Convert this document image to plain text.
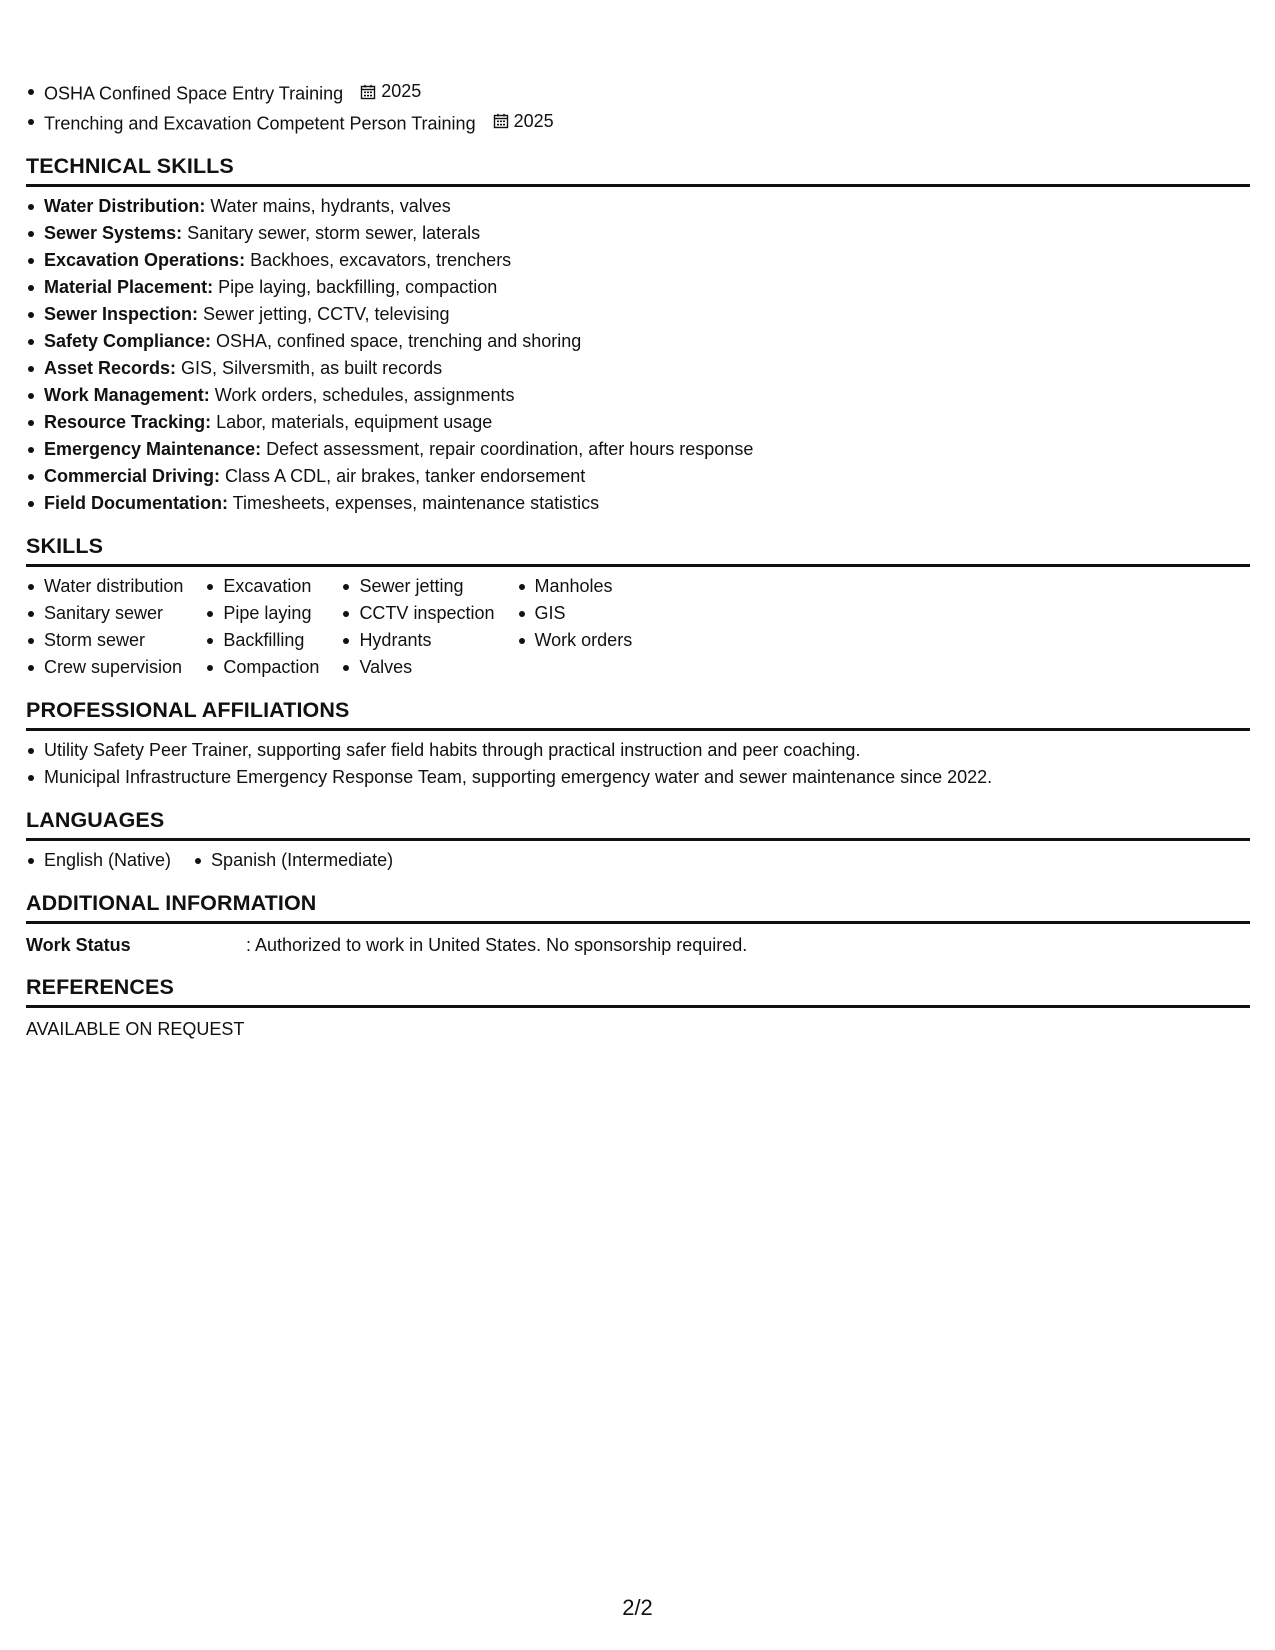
OSHA Confined Space Entry Training 2025
Trenching and Excavation Competent Person Training 2025
TECHNICAL SKILLS
Water Distribution: Water mains, hydrants, valves
Sewer Systems: Sanitary sewer, storm sewer, laterals
Excavation Operations: Backhoes, excavators, trenchers
Material Placement: Pipe laying, backfilling, compaction
Sewer Inspection: Sewer jetting, CCTV, televising
Safety Compliance: OSHA, confined space, trenching and shoring
Asset Records: GIS, Silversmith, as built records
Work Management: Work orders, schedules, assignments
Resource Tracking: Labor, materials, equipment usage
Emergency Maintenance: Defect assessment, repair coordination, after hours response
Commercial Driving: Class A CDL, air brakes, tanker endorsement
Field Documentation: Timesheets, expenses, maintenance statistics
SKILLS
Water distribution
Sanitary sewer
Storm sewer
Crew supervision
Excavation
Pipe laying
Backfilling
Compaction
Sewer jetting
CCTV inspection
Hydrants
Valves
Manholes
GIS
Work orders
PROFESSIONAL AFFILIATIONS
Utility Safety Peer Trainer, supporting safer field habits through practical instruction and peer coaching.
Municipal Infrastructure Emergency Response Team, supporting emergency water and sewer maintenance since 2022.
LANGUAGES
English (Native)	Spanish (Intermediate)
ADDITIONAL INFORMATION
Work Status	: Authorized to work in United States. No sponsorship required.
REFERENCES
AVAILABLE ON REQUEST
2/2
